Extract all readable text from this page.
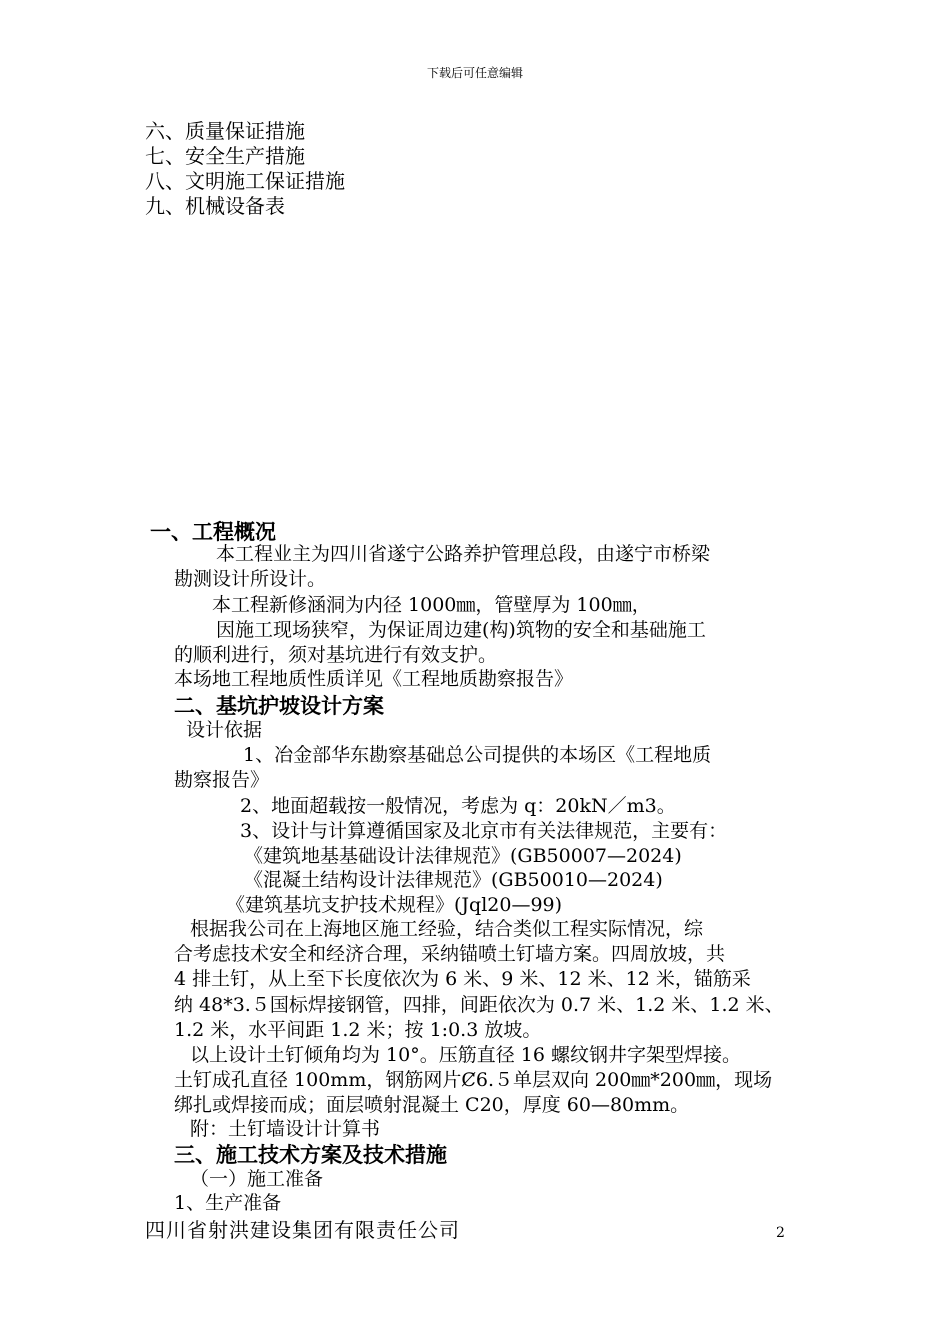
下载后可任意编辑
六、质量保证措施
七、安全生产措施
八、文明施工保证措施
九、机械设备表
一、工程概况
本工程业主为四川省遂宁公路养护管理总段，由遂宁市桥梁
勘测设计所设计。
本工程新修涵洞为内径 1000㎜，管壁厚为 100㎜，
因施工现场狭窄，为保证周边建(构)筑物的安全和基础施工
的顺利进行，须对基坑进行有效支护。
本场地工程地质性质详见《工程地质勘察报告》
二、基坑护坡设计方案
设计依据
1、冶金部华东勘察基础总公司提供的本场区《工程地质
勘察报告》
2、地面超载按一般情况，考虑为 q：20kN／m3。
3、设计与计算遵循国家及北京市有关法律规范，主要有：
《建筑地基基础设计法律规范》(GB50007—2024)
《混凝土结构设计法律规范》(GB50010—2024)
《建筑基坑支护技术规程》(Jql20—99)
根据我公司在上海地区施工经验，结合类似工程实际情况，综
合考虑技术安全和经济合理，采纳锚喷土钉墙方案。四周放坡，共
4 排土钉，从上至下长度依次为 6 米、9 米、12 米、12 米，锚筋采
纳 48*3.５国标焊接钢管，四排，间距依次为 0.7 米、1.2 米、1.2 米、
1.2 米，水平间距 1.2 米；按 1:0.3 放坡。
以上设计土钉倾角均为 10°。压筋直径 16 螺纹钢井字架型焊接。
土钉成孔直径 100mm，钢筋网片Ȼ6.５单层双向 200㎜*200㎜，现场
绑扎或焊接而成；面层喷射混凝土 C20，厚度 60—80mm。
附：土钉墙设计计算书
三、施工技术方案及技术措施
（一）施工准备
1、生产准备
四川省射洪建设集团有限责任公司	2
